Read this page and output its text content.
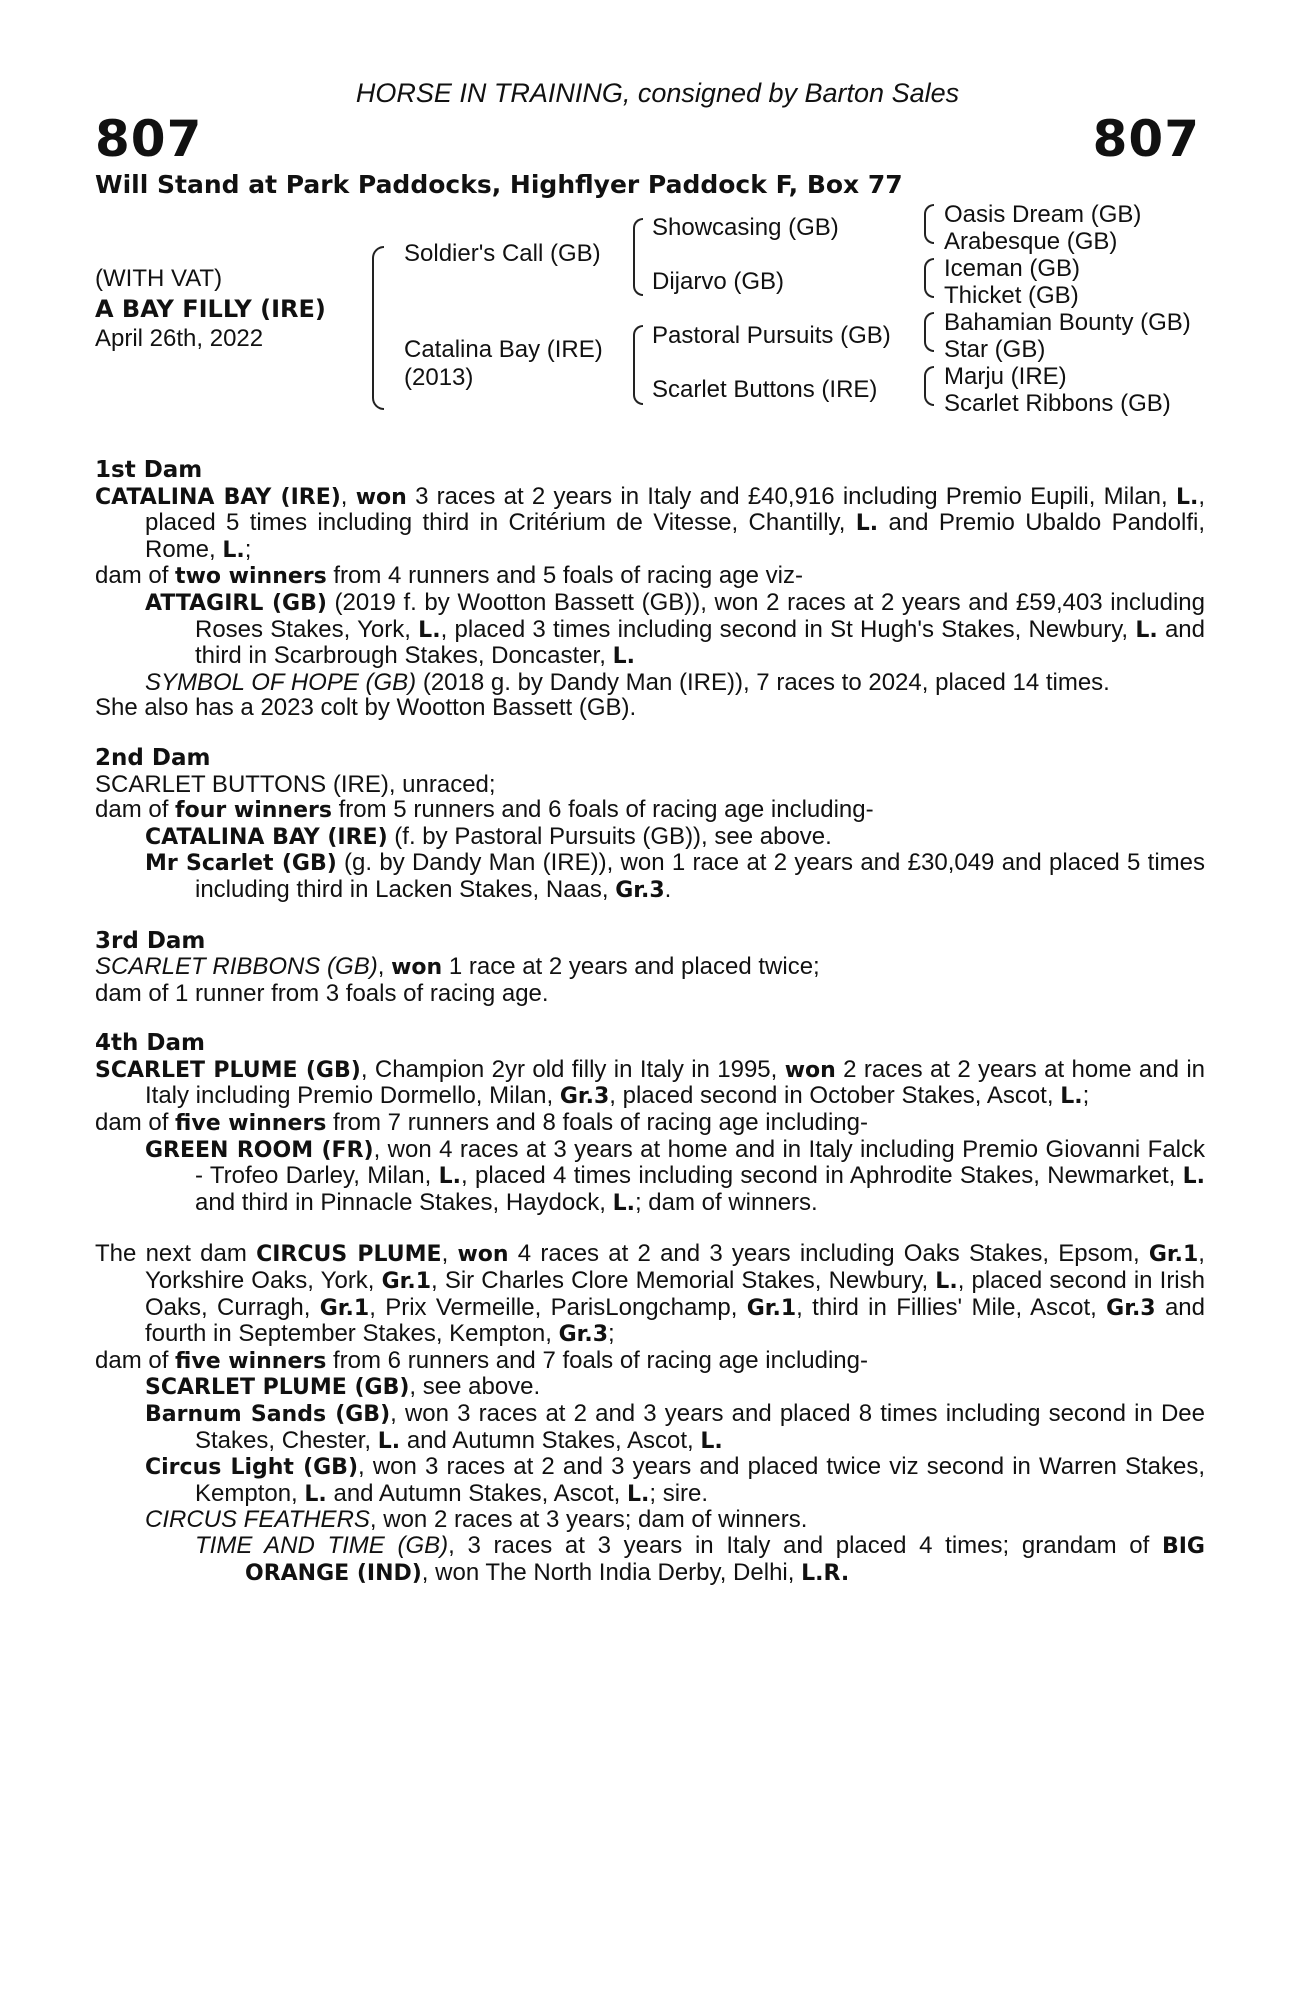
HORSE IN TRAINING, consigned by Barton Sales
807	807
Will Stand at Park Paddocks, Highflyer Paddock F, Box 77
(WITH VAT)
A BAY FILLY (IRE)
April 26th, 2022
Soldier's Call (GB)
Catalina Bay (IRE)
(2013)
Showcasing (GB)
Dijarvo (GB)
Pastoral Pursuits (GB)
Scarlet Buttons (IRE)
Oasis Dream (GB)
Arabesque (GB)
Iceman (GB)
Thicket (GB)
Bahamian Bounty (GB)
Star (GB)
Marju (IRE)
Scarlet Ribbons (GB)
1st Dam

CATALINA BAY (IRE), won 3 races at 2 years in Italy and £40,916 including Premio Eupili, Milan, L., placed 5 times including third in Critérium de Vitesse, Chantilly, L. and Premio Ubaldo Pandolfi, Rome, L.;

dam of two winners from 4 runners and 5 foals of racing age viz-

ATTAGIRL (GB) (2019 f. by Wootton Bassett (GB)), won 2 races at 2 years and £59,403 including Roses Stakes, York, L., placed 3 times including second in St Hugh's Stakes, Newbury, L. and third in Scarbrough Stakes, Doncaster, L.

SYMBOL OF HOPE (GB) (2018 g. by Dandy Man (IRE)), 7 races to 2024, placed 14 times.

She also has a 2023 colt by Wootton Bassett (GB).

2nd Dam

SCARLET BUTTONS (IRE), unraced;

dam of four winners from 5 runners and 6 foals of racing age including-

CATALINA BAY (IRE) (f. by Pastoral Pursuits (GB)), see above.

Mr Scarlet (GB) (g. by Dandy Man (IRE)), won 1 race at 2 years and £30,049 and placed 5 times including third in Lacken Stakes, Naas, Gr.3.

3rd Dam

SCARLET RIBBONS (GB), won 1 race at 2 years and placed twice;

dam of 1 runner from 3 foals of racing age.

4th Dam

SCARLET PLUME (GB), Champion 2yr old filly in Italy in 1995, won 2 races at 2 years at home and in Italy including Premio Dormello, Milan, Gr.3, placed second in October Stakes, Ascot, L.;

dam of five winners from 7 runners and 8 foals of racing age including-

GREEN ROOM (FR), won 4 races at 3 years at home and in Italy including Premio Giovanni Falck - Trofeo Darley, Milan, L., placed 4 times including second in Aphrodite Stakes, Newmarket, L. and third in Pinnacle Stakes, Haydock, L.; dam of winners.

The next dam CIRCUS PLUME, won 4 races at 2 and 3 years including Oaks Stakes, Epsom, Gr.1, Yorkshire Oaks, York, Gr.1, Sir Charles Clore Memorial Stakes, Newbury, L., placed second in Irish Oaks, Curragh, Gr.1, Prix Vermeille, ParisLongchamp, Gr.1, third in Fillies' Mile, Ascot, Gr.3 and fourth in September Stakes, Kempton, Gr.3;

dam of five winners from 6 runners and 7 foals of racing age including-

SCARLET PLUME (GB), see above.

Barnum Sands (GB), won 3 races at 2 and 3 years and placed 8 times including second in Dee Stakes, Chester, L. and Autumn Stakes, Ascot, L.

Circus Light (GB), won 3 races at 2 and 3 years and placed twice viz second in Warren Stakes, Kempton, L. and Autumn Stakes, Ascot, L.; sire.

CIRCUS FEATHERS, won 2 races at 3 years; dam of winners.

TIME AND TIME (GB), 3 races at 3 years in Italy and placed 4 times; grandam of BIG ORANGE (IND), won The North India Derby, Delhi, L.R.
